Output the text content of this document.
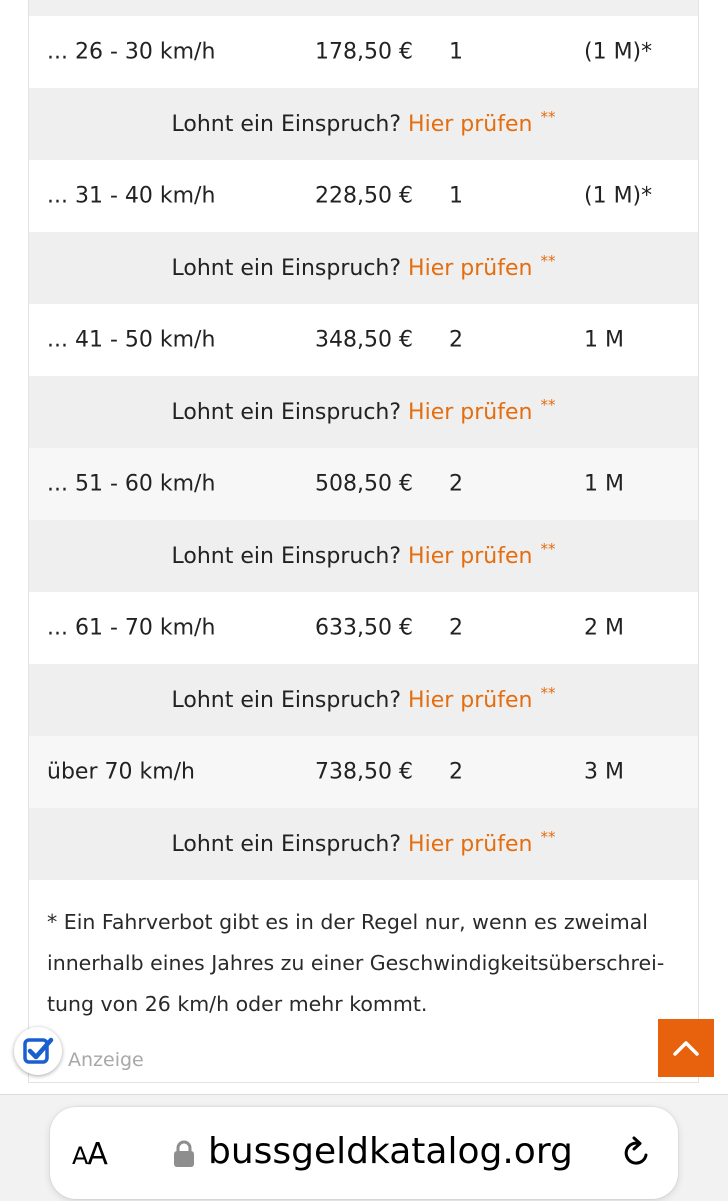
... 26 - 30 km/h	178,50 € 1	(1 M)*
Lohnt ein Einspruch? Hier prüfen **
... 31 - 40 km/h	228,50 € 1	(1 M)*
Lohnt ein Einspruch? Hier prüfen **
... 41 - 50 km/h	348,50 € 2	1 M
Lohnt ein Einspruch? Hier prüfen **
... 51 - 60 km/h	508,50 € 2	1 M
Lohnt ein Einspruch? Hier prüfen **
... 61 - 70 km/h	633,50 € 2	2 M
Lohnt ein Einspruch? Hier prüfen **
über 70 km/h	738,50 € 2	3 M
Lohnt ein Einspruch? Hier prüfen **
* Ein Fahrverbot gibt es in der Regel nur, wenn es zweimal
innerhalb eines Jahres zu einer Geschwindigkeitsüberschrei-
tung von 26 km/h oder mehr kommt.
Anzeige
AA	bussgeldkatalog.org
